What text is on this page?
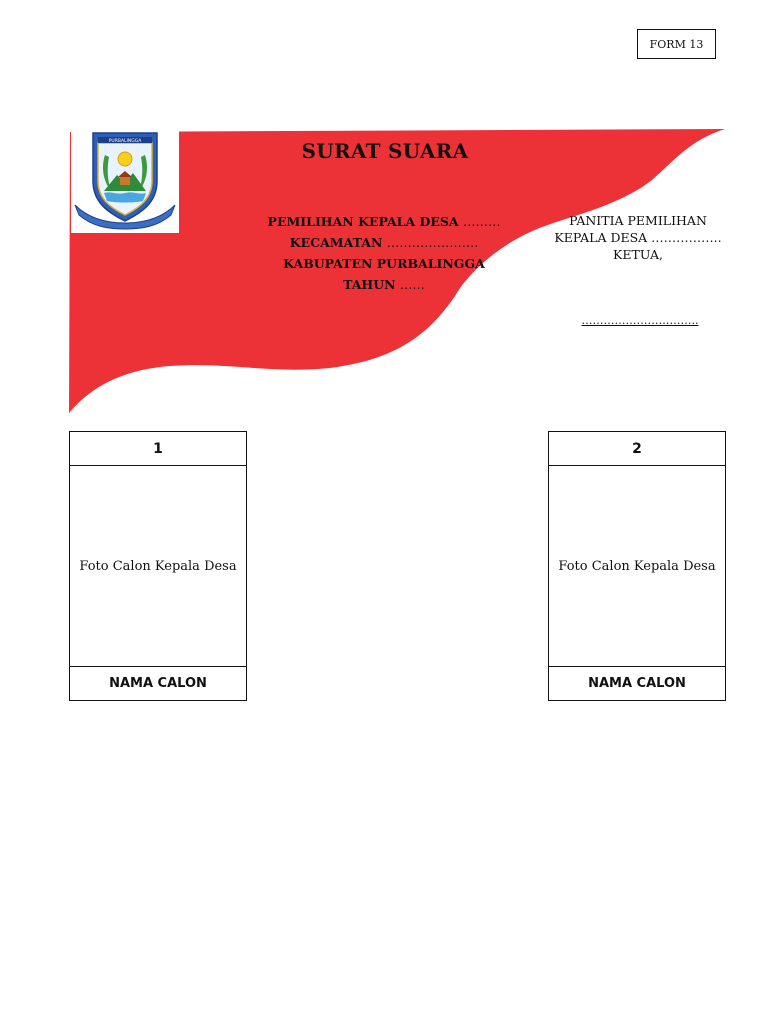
FORM 13
PURBALINGGA	SURAT SUARA
PEMILIHAN KEPALA DESA ………
KECAMATAN ………………….
KABUPATEN PURBALINGGA
TAHUN ……
PANITIA PEMILIHAN
KEPALA DESA ……………..
KETUA,
…………………………..
1
Foto Calon Kepala Desa
NAMA CALON
2
Foto Calon Kepala Desa
NAMA CALON
